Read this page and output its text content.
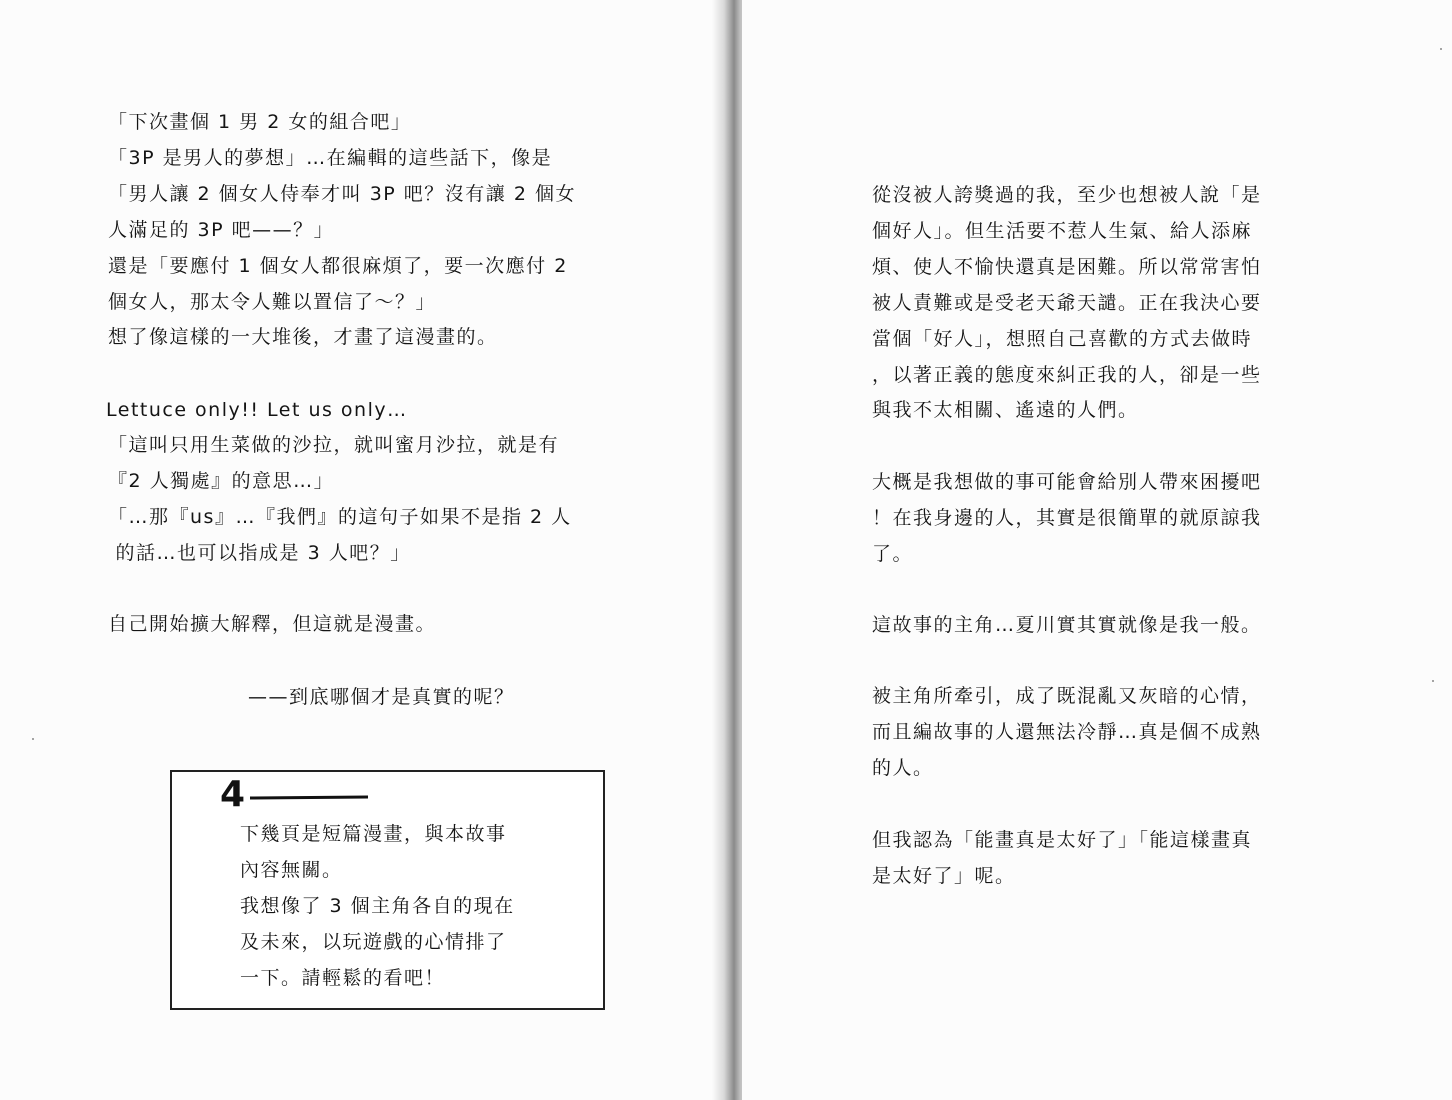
「下次畫個 1 男 2 女的組合吧」
「3P 是男人的夢想」…在編輯的這些話下，像是
「男人讓 2 個女人侍奉才叫 3P 吧？沒有讓 2 個女
人滿足的 3P 吧——？」
還是「要應付 1 個女人都很麻煩了，要一次應付 2
個女人，那太令人難以置信了～？」
想了像這樣的一大堆後，才畫了這漫畫的。
Lettuce only!! Let us only…
「這叫只用生菜做的沙拉，就叫蜜月沙拉，就是有
『2 人獨處』的意思…」
「…那『us』…『我們』的這句子如果不是指 2 人
的話…也可以指成是 3 人吧？」
自己開始擴大解釋，但這就是漫畫。
——到底哪個才是真實的呢？
4
下幾頁是短篇漫畫，與本故事
內容無關。
我想像了 3 個主角各自的現在
及未來，以玩遊戲的心情排了
一下。請輕鬆的看吧！
從沒被人誇獎過的我，至少也想被人說「是
個好人」。但生活要不惹人生氣、給人添麻
煩、使人不愉快還真是困難。所以常常害怕
被人責難或是受老天爺天譴。正在我決心要
當個「好人」，想照自己喜歡的方式去做時
，以著正義的態度來糾正我的人，卻是一些
與我不太相關、遙遠的人們。
大概是我想做的事可能會給別人帶來困擾吧
！在我身邊的人，其實是很簡單的就原諒我
了。
這故事的主角…夏川實其實就像是我一般。
被主角所牽引，成了既混亂又灰暗的心情，
而且編故事的人還無法冷靜…真是個不成熟
的人。
但我認為「能畫真是太好了」「能這樣畫真
是太好了」呢。
